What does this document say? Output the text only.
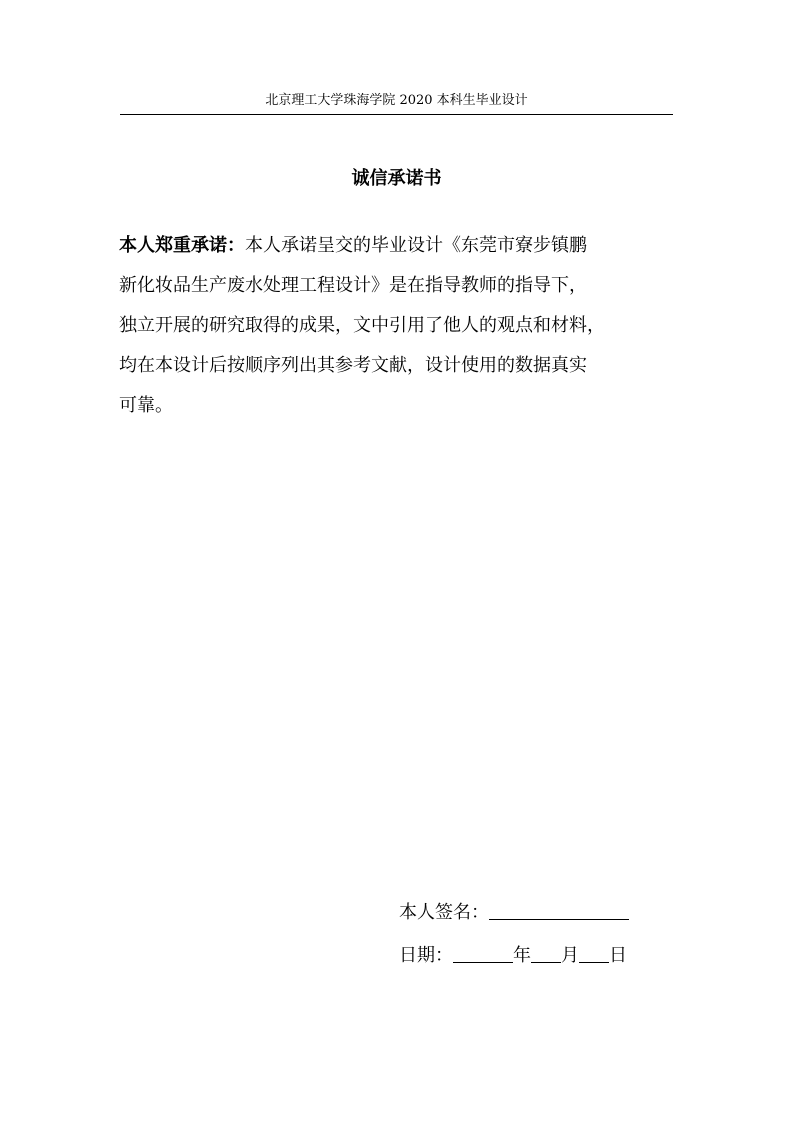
北京理工大学珠海学院 2020 本科生毕业设计
诚信承诺书

本人郑重承诺：本人承诺呈交的毕业设计《东莞市寮步镇鹏
新化妆品生产废水处理工程设计》是在指导教师的指导下，
独立开展的研究取得的成果，文中引用了他人的观点和材料，
均在本设计后按顺序列出其参考文献，设计使用的数据真实
可靠。

本人签名：
日期：	年 月 日
